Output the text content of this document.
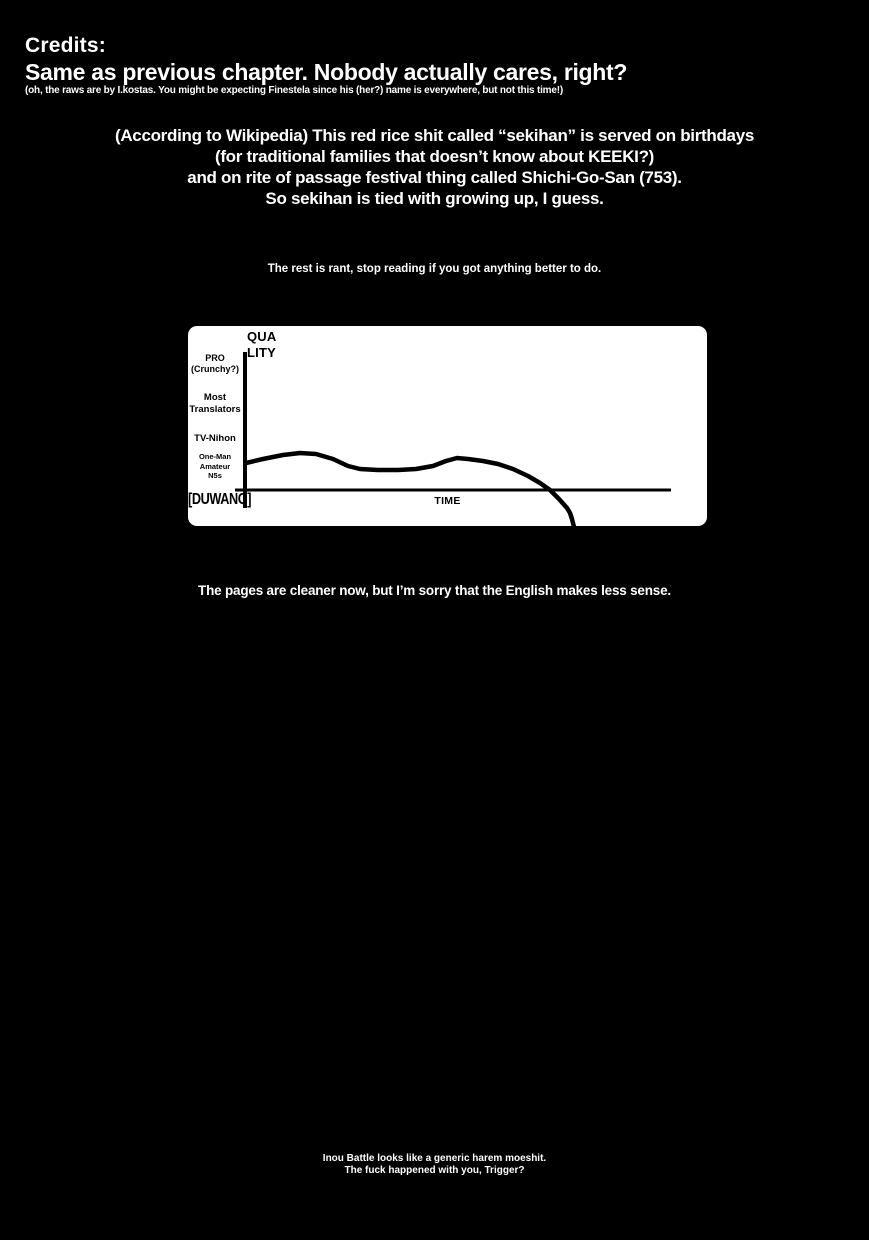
Credits:
Same as previous chapter. Nobody actually cares, right?
(oh, the raws are by I.kostas. You might be expecting Finestela since his (her?) name is everywhere, but not this time!)
(According to Wikipedia) This red rice shit called “sekihan” is served on birthdays
(for traditional families that doesn’t know about KEEKI?)
and on rite of passage festival thing called Shichi-Go-San (753).
So sekihan is tied with growing up, I guess.
The rest is rant, stop reading if you got anything better to do.
QUA
LITY
PRO
(Crunchy?)
Most
Translators
TV-Nihon
One-Man
Amateur
N5s
[DUWANG]	TIME
The pages are cleaner now, but I’m sorry that the English makes less sense.
Inou Battle looks like a generic harem moeshit.
The fuck happened with you, Trigger?
